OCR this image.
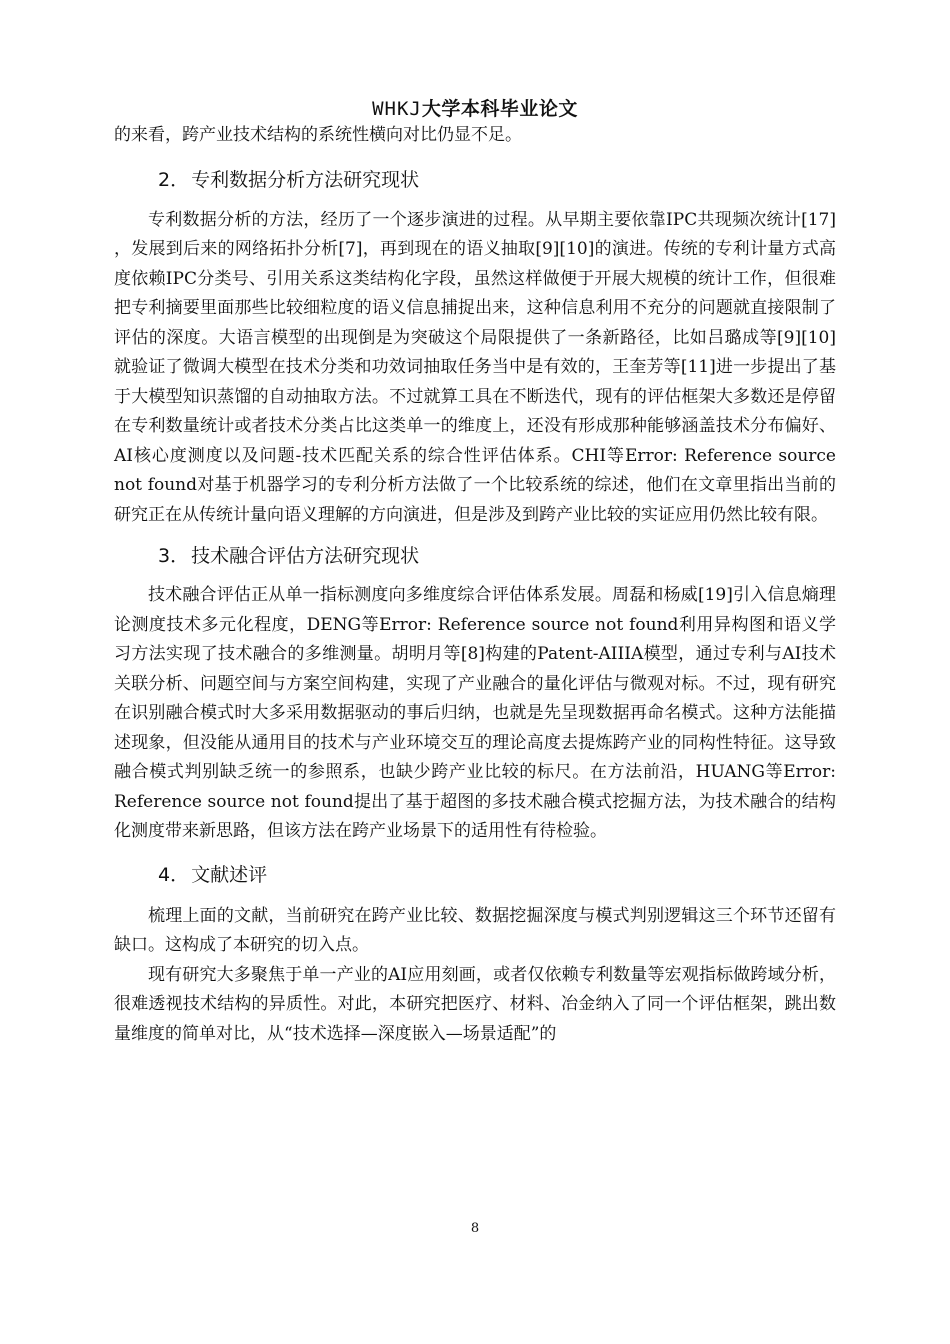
WHKJ大学本科毕业论文

的来看，跨产业技术结构的系统性横向对比仍显不足。

2． 专利数据分析方法研究现状

专利数据分析的方法，经历了一个逐步演进的过程。从早期主要依靠IPC共现频次统计[17] ，发展到后来的网络拓扑分析[7]，再到现在的语义抽取[9][10]的演进。传统的专利计量方式高度依赖IPC分类号、引用关系这类结构化字段，虽然这样做便于开展大规模的统计工作，但很难把专利摘要里面那些比较细粒度的语义信息捕捉出来，这种信息利用不充分的问题就直接限制了评估的深度。大语言模型的出现倒是为突破这个局限提供了一条新路径，比如吕璐成等[9][10] 就验证了微调大模型在技术分类和功效词抽取任务当中是有效的，王奎芳等[11]进一步提出了基于大模型知识蒸馏的自动抽取方法。不过就算工具在不断迭代，现有的评估框架大多数还是停留在专利数量统计或者技术分类占比这类单一的维度上，还没有形成那种能够涵盖技术分布偏好、AI核心度测度以及问题-技术匹配关系的综合性评估体系。CHI等Error: Reference source not found对基于机器学习的专利分析方法做了一个比较系统的综述，他们在文章里指出当前的研究正在从传统计量向语义理解的方向演进，但是涉及到跨产业比较的实证应用仍然比较有限。

3． 技术融合评估方法研究现状

技术融合评估正从单一指标测度向多维度综合评估体系发展。周磊和杨威[19]引入信息熵理论测度技术多元化程度，DENG等Error: Reference source not found利用异构图和语义学习方法实现了技术融合的多维测量。胡明月等[8]构建的Patent-AIIIA模型，通过专利与AI技术关联分析、问题空间与方案空间构建，实现了产业融合的量化评估与微观对标。不过，现有研究在识别融合模式时大多采用数据驱动的事后归纳，也就是先呈现数据再命名模式。这种方法能描述现象，但没能从通用目的技术与产业环境交互的理论高度去提炼跨产业的同构性特征。这导致融合模式判别缺乏统一的参照系，也缺少跨产业比较的标尺。在方法前沿，HUANG等Error: Reference source not found提出了基于超图的多技术融合模式挖掘方法，为技术融合的结构化测度带来新思路，但该方法在跨产业场景下的适用性有待检验。

4． 文献述评

梳理上面的文献，当前研究在跨产业比较、数据挖掘深度与模式判别逻辑这三个环节还留有缺口。这构成了本研究的切入点。

现有研究大多聚焦于单一产业的AI应用刻画，或者仅依赖专利数量等宏观指标做跨域分析，很难透视技术结构的异质性。对此，本研究把医疗、材料、冶金纳入了同一个评估框架，跳出数量维度的简单对比，从“技术选择—深度嵌入—场景适配”的

8
